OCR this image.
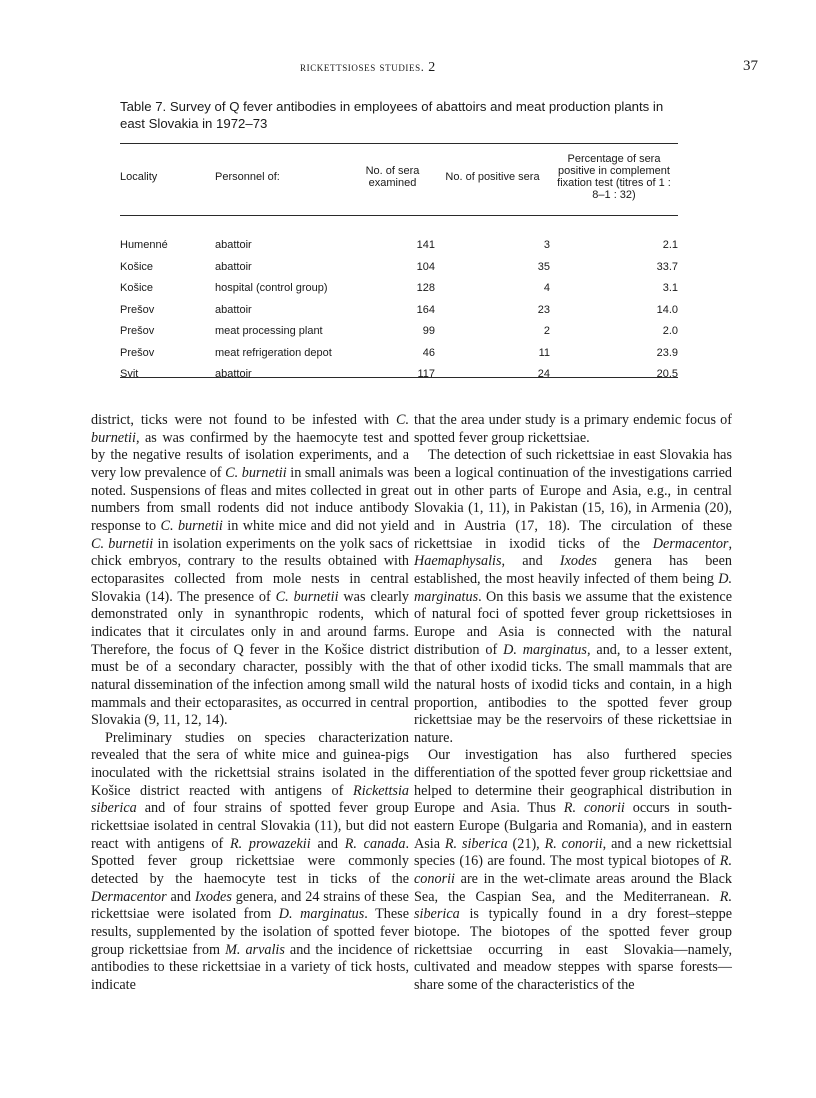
rickettsioses studies. 2	37
Table 7. Survey of Q fever antibodies in employees of abattoirs and meat production plants in east Slovakia in 1972–73
Locality	Personnel of:	No. of sera examined	No. of positive sera	Percentage of sera positive in complement fixation test (titres of 1 : 8–1 : 32)

Humenné	abattoir	141	3	2.1
Košice	abattoir	104	35	33.7
Košice	hospital (control group)	128	4	3.1
Prešov	abattoir	164	23	14.0
Prešov	meat processing plant	99	2	2.0
Prešov	meat refrigeration depot	46	11	23.9
Svit	abattoir	117	24	20.5

district, ticks were not found to be infested with C. burnetii, as was confirmed by the haemocyte test and by the negative results of isolation experiments, and a very low prevalence of C. burnetii in small animals was noted. Suspensions of fleas and mites collected in great numbers from small rodents did not induce antibody response to C. burnetii in white mice and did not yield C. burnetii in isolation experiments on the yolk sacs of chick embryos, contrary to the results obtained with ectoparasites collected from mole nests in central Slovakia (14). The presence of C. burnetii was clearly demonstrated only in synanthropic rodents, which indicates that it circulates only in and around farms. Therefore, the focus of Q fever in the Košice district must be of a secondary character, possibly with the natural dissemination of the infection among small wild mammals and their ectoparasites, as occurred in central Slovakia (9, 11, 12, 14).

Preliminary studies on species characterization revealed that the sera of white mice and guinea-pigs inoculated with the rickettsial strains isolated in the Košice district reacted with antigens of Rickettsia siberica and of four strains of spotted fever group rickettsiae isolated in central Slovakia (11), but did not react with antigens of R. prowazekii and R. canada. Spotted fever group rickettsiae were commonly detected by the haemocyte test in ticks of the Dermacentor and Ixodes genera, and 24 strains of these rickettsiae were isolated from D. marginatus. These results, supplemented by the isolation of spotted fever group rickettsiae from M. arvalis and the incidence of antibodies to these rickettsiae in a variety of tick hosts, indicate

that the area under study is a primary endemic focus of spotted fever group rickettsiae.

The detection of such rickettsiae in east Slovakia has been a logical continuation of the investigations carried out in other parts of Europe and Asia, e.g., in central Slovakia (1, 11), in Pakistan (15, 16), in Armenia (20), and in Austria (17, 18). The circulation of these rickettsiae in ixodid ticks of the Dermacentor, Haemaphysalis, and Ixodes genera has been established, the most heavily infected of them being D. marginatus. On this basis we assume that the existence of natural foci of spotted fever group rickettsioses in Europe and Asia is connected with the natural distribution of D. marginatus, and, to a lesser extent, that of other ixodid ticks. The small mammals that are the natural hosts of ixodid ticks and contain, in a high proportion, antibodies to the spotted fever group rickettsiae may be the reservoirs of these rickettsiae in nature.

Our investigation has also furthered species differentiation of the spotted fever group rickettsiae and helped to determine their geographical distribution in Europe and Asia. Thus R. conorii occurs in south-eastern Europe (Bulgaria and Romania), and in eastern Asia R. siberica (21), R. conorii, and a new rickettsial species (16) are found. The most typical biotopes of R. conorii are in the wet-climate areas around the Black Sea, the Caspian Sea, and the Mediterranean. R. siberica is typically found in a dry forest–steppe biotope. The biotopes of the spotted fever group rickettsiae occurring in east Slovakia—namely, cultivated and meadow steppes with sparse forests—share some of the characteristics of the
